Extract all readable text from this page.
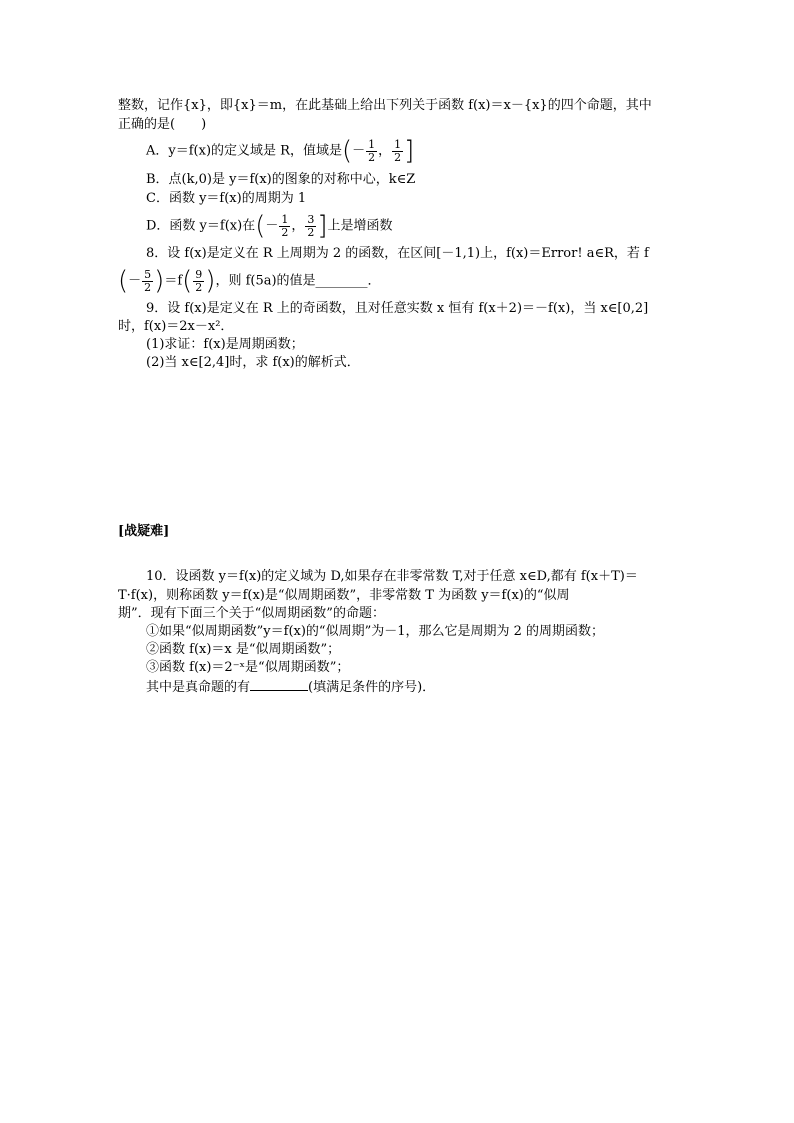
整数，记作{x}，即{x}＝m，在此基础上给出下列关于函数 f(x)＝x－{x}的四个命题，其中
正确的是(　　)
A．y＝f(x)的定义域是 R，值域是(－ $\frac{1}{2}$ ， $\frac{1}{2}$ ]
B．点(k,0)是 y＝f(x)的图象的对称中心，k∈Z
C．函数 y＝f(x)的周期为 1
D．函数 y＝f(x)在(－ $\frac{1}{2}$ ， $\frac{3}{2}$ ]上是增函数
8．设 f(x)是定义在 R 上周期为 2 的函数，在区间[－1,1)上，f(x)＝Error! a∈R，若 f
(－ $\frac{5}{2} )=f( \frac{9}{2}$ )，则 f(5a)的值是________．
9．设 f(x)是定义在 R 上的奇函数，且对任意实数 x 恒有 f(x＋2)＝－f(x)，当 x∈[0,2]
时，f(x)＝2x－x²．
(1)求证：f(x)是周期函数；
(2)当 x∈[2,4]时，求 f(x)的解析式．
[战疑难]
10．设函数 y＝f(x)的定义域为 D,如果存在非零常数 T,对于任意 x∈D,都有 f(x＋T)＝
T·f(x)，则称函数 y＝f(x)是“似周期函数”，非零常数 T 为函数 y＝f(x)的“似周
期”．现有下面三个关于“似周期函数”的命题：
①如果“似周期函数”y＝f(x)的“似周期”为－1，那么它是周期为 2 的周期函数；
②函数 f(x)＝x 是“似周期函数”；
③函数 f(x)＝2⁻ˣ是“似周期函数”；
其中是真命题的有	(填满足条件的序号)．
